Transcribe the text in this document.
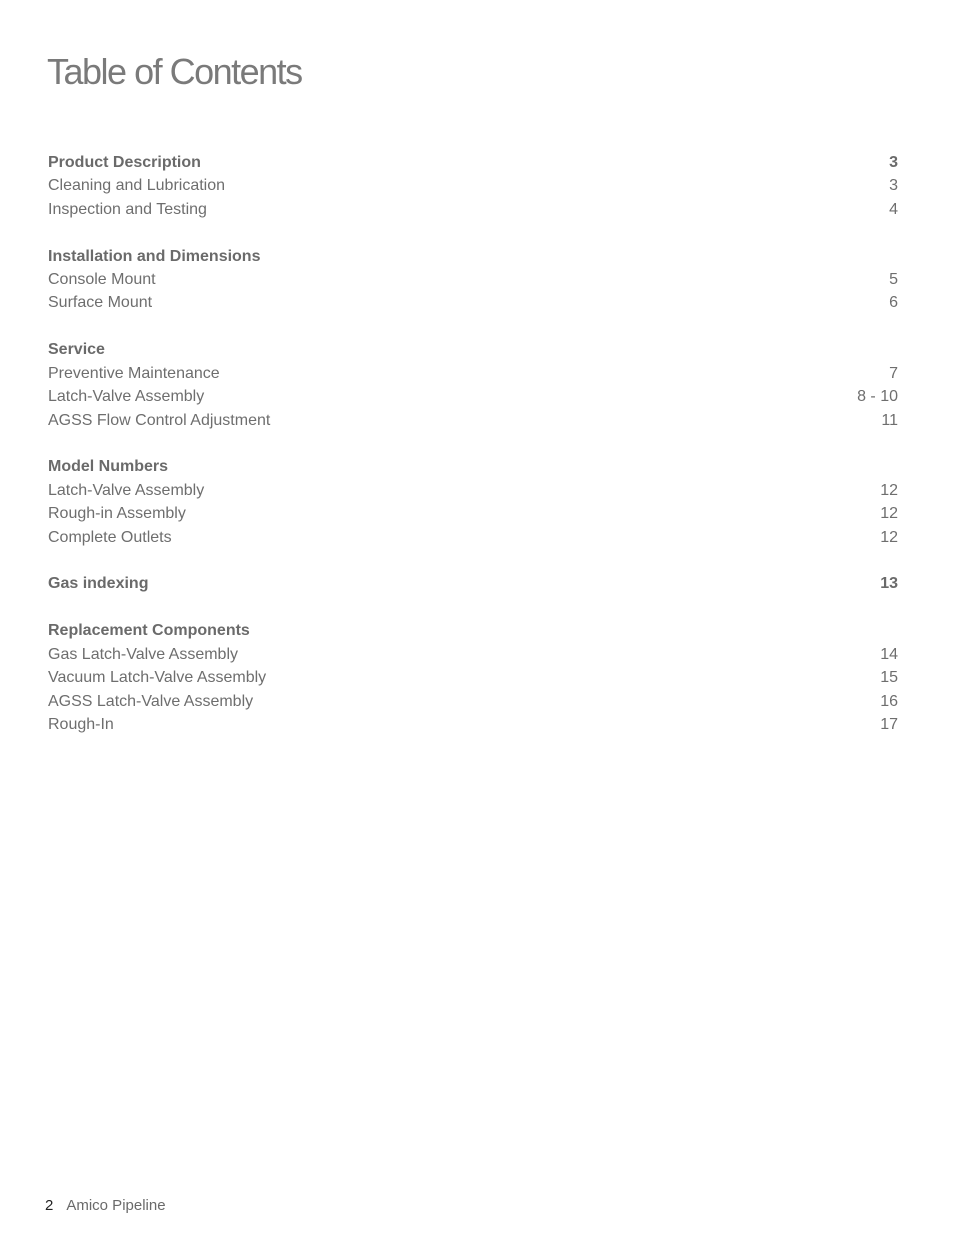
Table of Contents
Product Description	3
Cleaning and Lubrication	3
Inspection and Testing	4
Installation and Dimensions
Console Mount	5
Surface Mount	6
Service
Preventive Maintenance	7
Latch-Valve Assembly	8 - 10
AGSS Flow Control Adjustment	11
Model Numbers
Latch-Valve Assembly	12
Rough-in Assembly	12
Complete Outlets	12
Gas indexing	13
Replacement Components
Gas Latch-Valve Assembly	14
Vacuum Latch-Valve Assembly	15
AGSS Latch-Valve Assembly	16
Rough-In	17
2 Amico Pipeline
